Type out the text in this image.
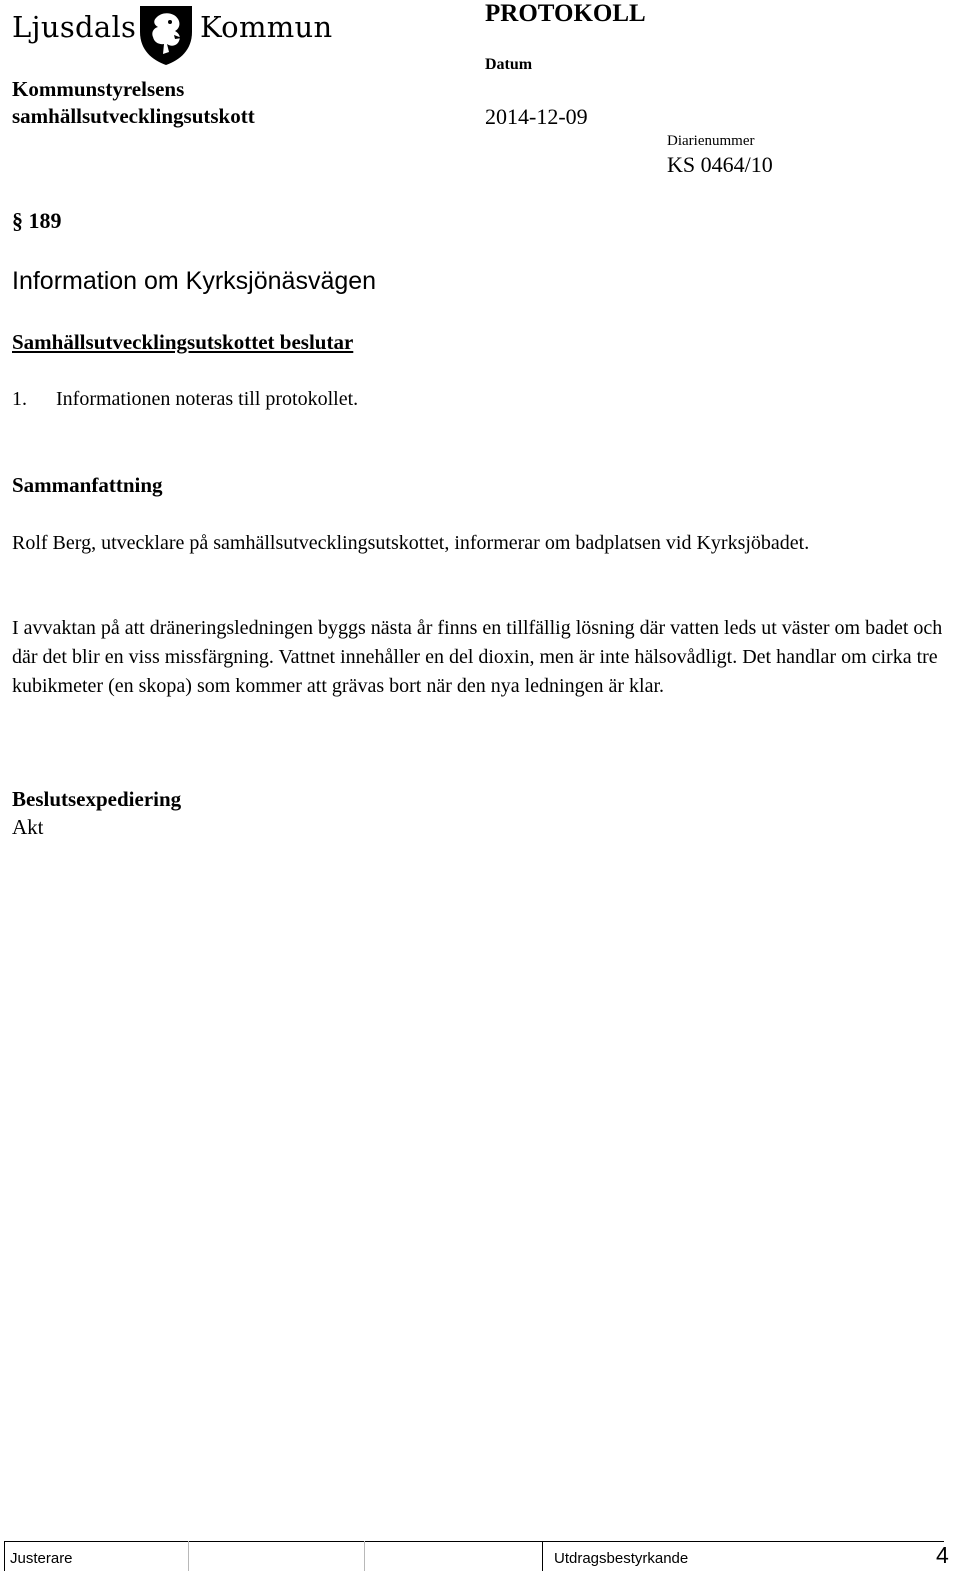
Ljusdals Kommun	PROTOKOLL
Kommunstyrelsens
samhällsutvecklingsutskott
Datum
2014-12-09
Diarienummer
KS 0464/10
§ 189
Information om Kyrksjönäsvägen
Samhällsutvecklingsutskottet beslutar
1. Informationen noteras till protokollet.
Sammanfattning
Rolf Berg, utvecklare på samhällsutvecklingsutskottet, informerar om badplatsen vid Kyrksjöbadet.
I avvaktan på att dräneringsledningen byggs nästa år finns en tillfällig lösning där vatten leds ut väster om badet och där det blir en viss missfärgning. Vattnet innehåller en del dioxin, men är inte hälsovådligt. Det handlar om cirka tre kubikmeter (en skopa) som kommer att grävas bort när den nya ledningen är klar.
Beslutsexpediering
Akt
Justerare	Utdragsbestyrkande	4
